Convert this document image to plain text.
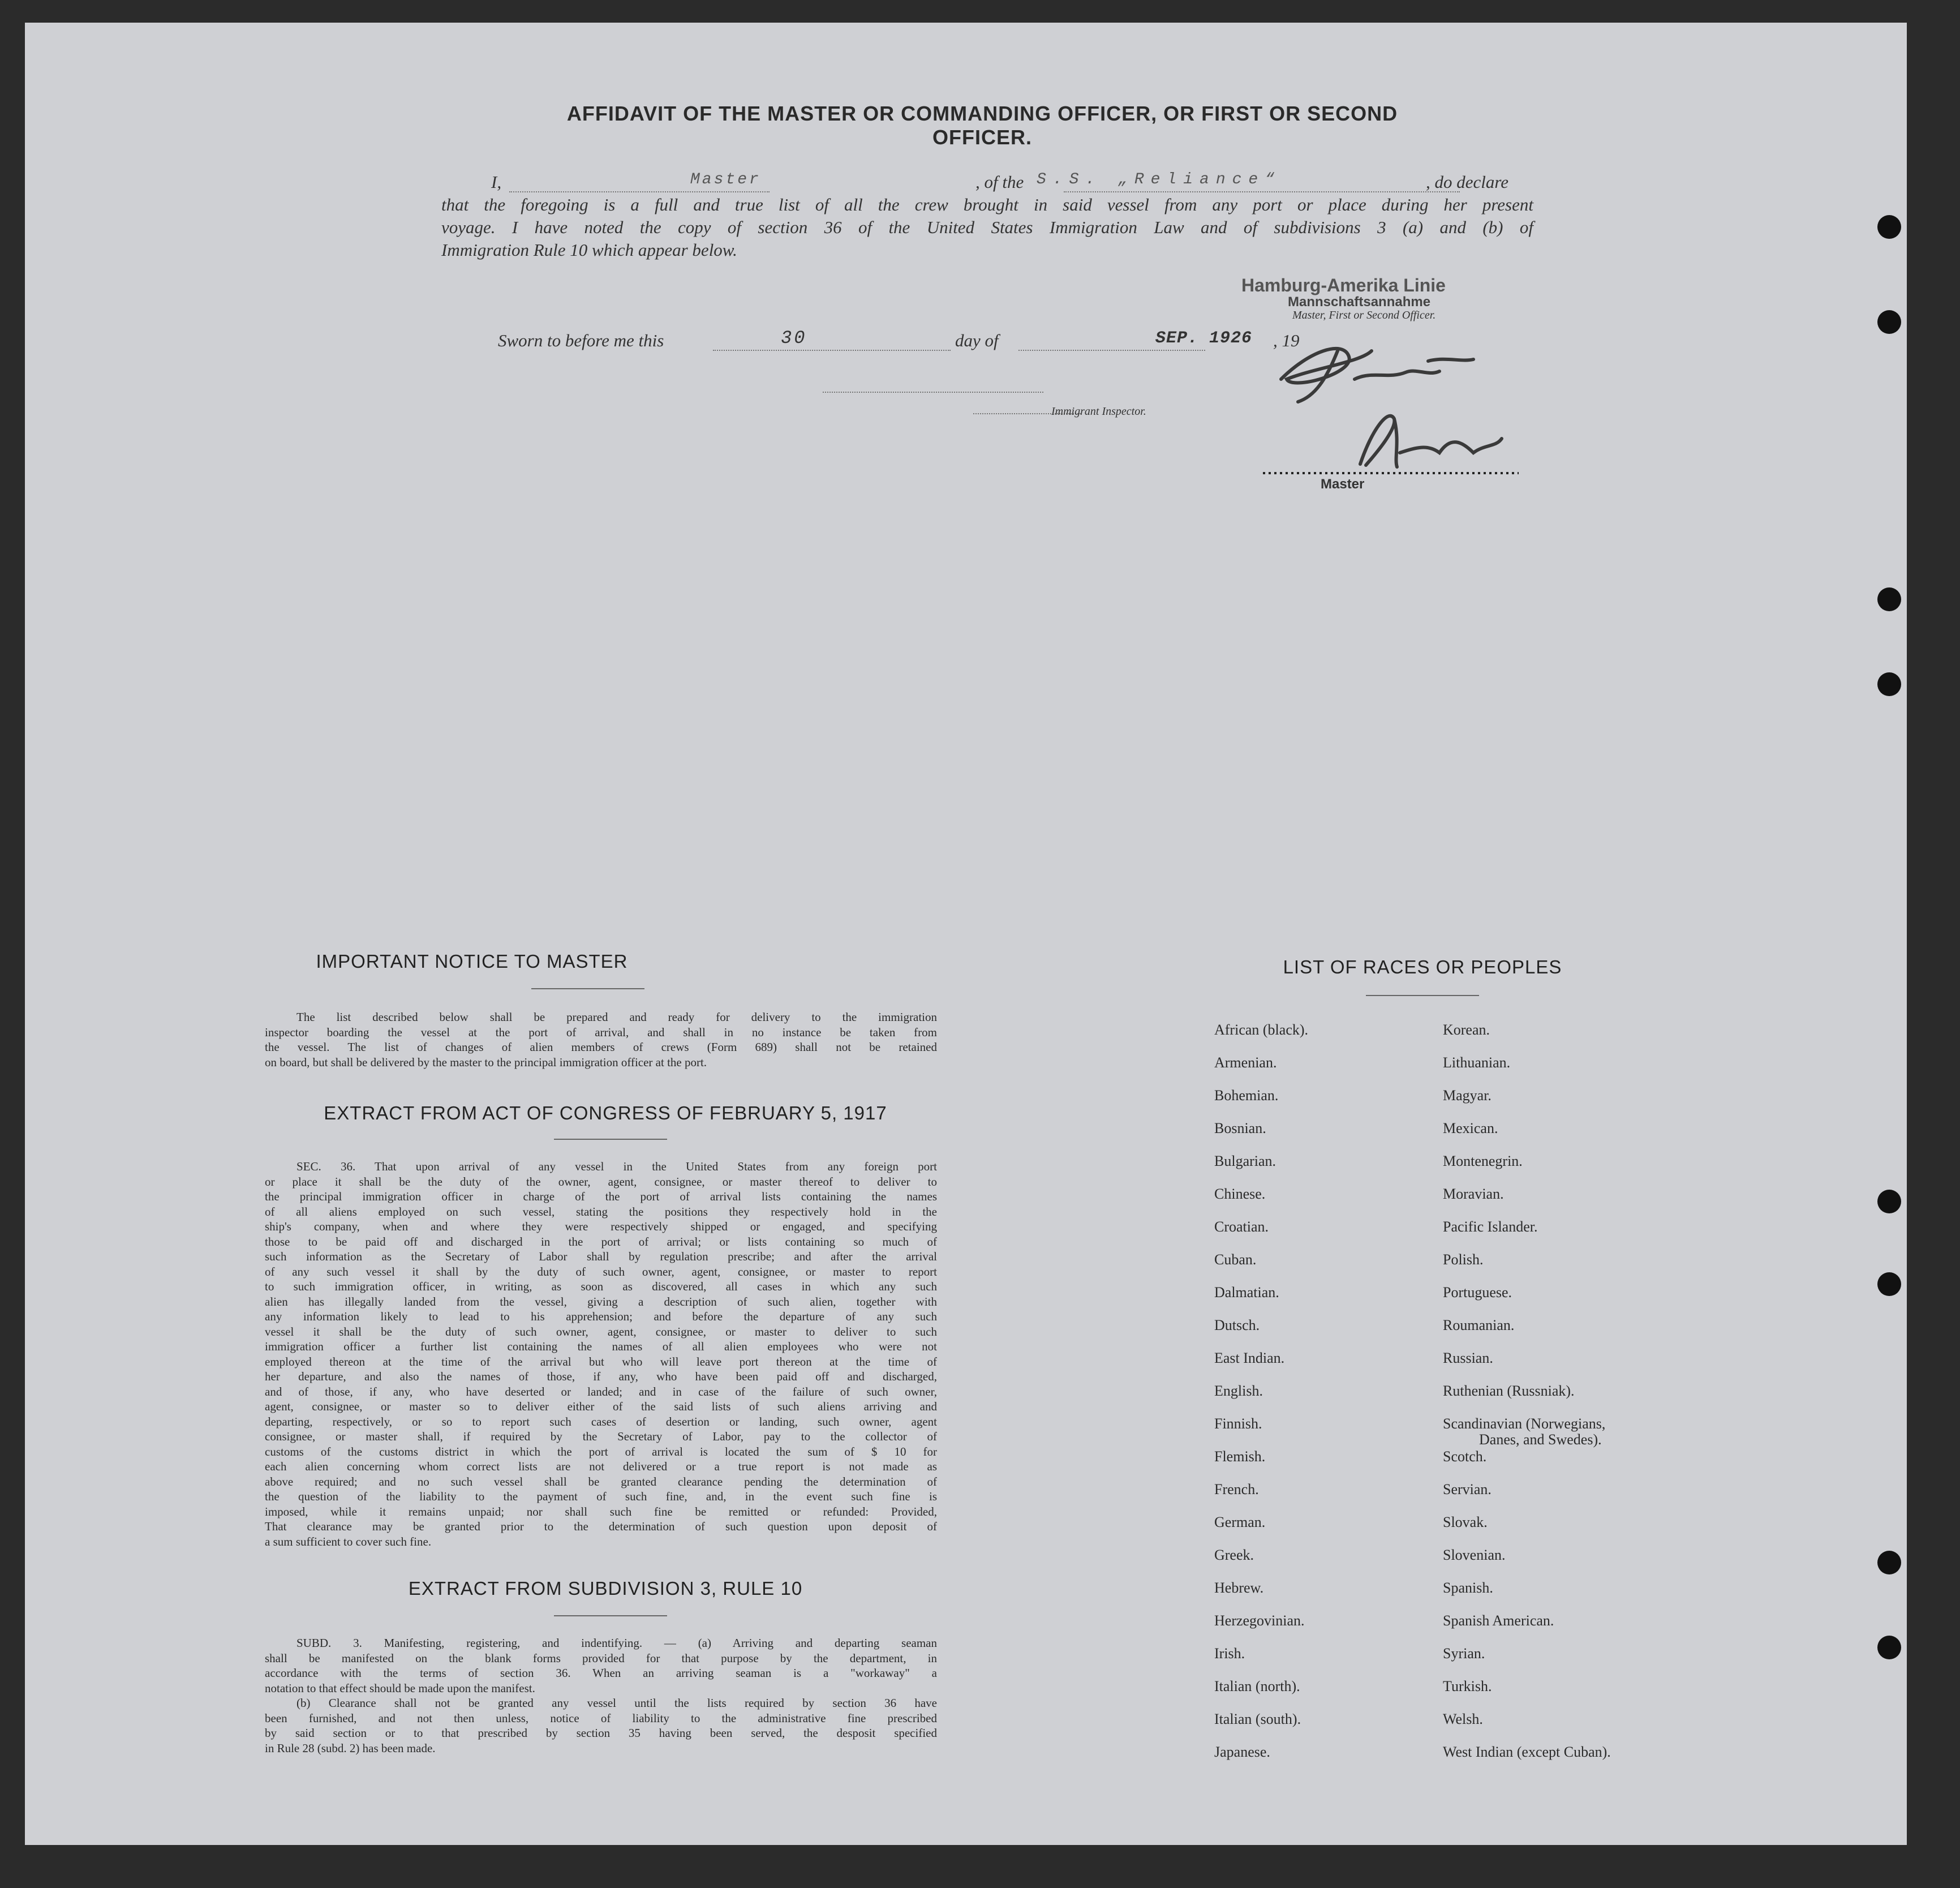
AFFIDAVIT OF THE MASTER OR COMMANDING OFFICER, OR FIRST OR SECOND OFFICER.
I,	Master	, of the S.S. „Reliance“	, do declare
that the foregoing is a full and true list of all the crew brought in said vessel from any port or place during her present
voyage. I have noted the copy of section 36 of the United States Immigration Law and of subdivisions 3 (a) and (b) of
Immigration Rule 10 which appear below.
Hamburg-Amerika Linie
Mannschaftsannahme
Master, First or Second Officer.
Sworn to before me this	30	day of	SEP. 1926 , 19
Immigrant Inspector.
Master
IMPORTANT NOTICE TO MASTER
The list described below shall be prepared and ready for delivery to the immigration
inspector boarding the vessel at the port of arrival, and shall in no instance be taken from
the vessel. The list of changes of alien members of crews (Form 689) shall not be retained
on board, but shall be delivered by the master to the principal immigration officer at the port.
EXTRACT FROM ACT OF CONGRESS OF FEBRUARY 5, 1917
SEC. 36. That upon arrival of any vessel in the United States from any foreign port
or place it shall be the duty of the owner, agent, consignee, or master thereof to deliver to
the principal immigration officer in charge of the port of arrival lists containing the names
of all aliens employed on such vessel, stating the positions they respectively hold in the
ship's company, when and where they were respectively shipped or engaged, and specifying
those to be paid off and discharged in the port of arrival; or lists containing so much of
such information as the Secretary of Labor shall by regulation prescribe; and after the arrival
of any such vessel it shall by the duty of such owner, agent, consignee, or master to report
to such immigration officer, in writing, as soon as discovered, all cases in which any such
alien has illegally landed from the vessel, giving a description of such alien, together with
any information likely to lead to his apprehension; and before the departure of any such
vessel it shall be the duty of such owner, agent, consignee, or master to deliver to such
immigration officer a further list containing the names of all alien employees who were not
employed thereon at the time of the arrival but who will leave port thereon at the time of
her departure, and also the names of those, if any, who have been paid off and discharged,
and of those, if any, who have deserted or landed; and in case of the failure of such owner,
agent, consignee, or master so to deliver either of the said lists of such aliens arriving and
departing, respectively, or so to report such cases of desertion or landing, such owner, agent
consignee, or master shall, if required by the Secretary of Labor, pay to the collector of
customs of the customs district in which the port of arrival is located the sum of $ 10 for
each alien concerning whom correct lists are not delivered or a true report is not made as
above required; and no such vessel shall be granted clearance pending the determination of
the question of the liability to the payment of such fine, and, in the event such fine is
imposed, while it remains unpaid; nor shall such fine be remitted or refunded: Provided,
That clearance may be granted prior to the determination of such question upon deposit of
a sum sufficient to cover such fine.
EXTRACT FROM SUBDIVISION 3, RULE 10
SUBD. 3. Manifesting, registering, and indentifying. — (a) Arriving and departing seaman
shall be manifested on the blank forms provided for that purpose by the department, in
accordance with the terms of section 36. When an arriving seaman is a "workaway" a
notation to that effect should be made upon the manifest.
(b) Clearance shall not be granted any vessel until the lists required by section 36 have
been furnished, and not then unless, notice of liability to the administrative fine prescribed
by said section or to that prescribed by section 35 having been served, the desposit specified
in Rule 28 (subd. 2) has been made.
LIST OF RACES OR PEOPLES
African (black).
Armenian.
Bohemian.
Bosnian.
Bulgarian.
Chinese.
Croatian.
Cuban.
Dalmatian.
Dutsch.
East Indian.
English.
Finnish.
Flemish.
French.
German.
Greek.
Hebrew.
Herzegovinian.
Irish.
Italian (north).
Italian (south).
Japanese.
Korean.
Lithuanian.
Magyar.
Mexican.
Montenegrin.
Moravian.
Pacific Islander.
Polish.
Portuguese.
Roumanian.
Russian.
Ruthenian (Russniak).
Scandinavian (Norwegians,
Danes, and Swedes).
Scotch.
Servian.
Slovak.
Slovenian.
Spanish.
Spanish American.
Syrian.
Turkish.
Welsh.
West Indian (except Cuban).
